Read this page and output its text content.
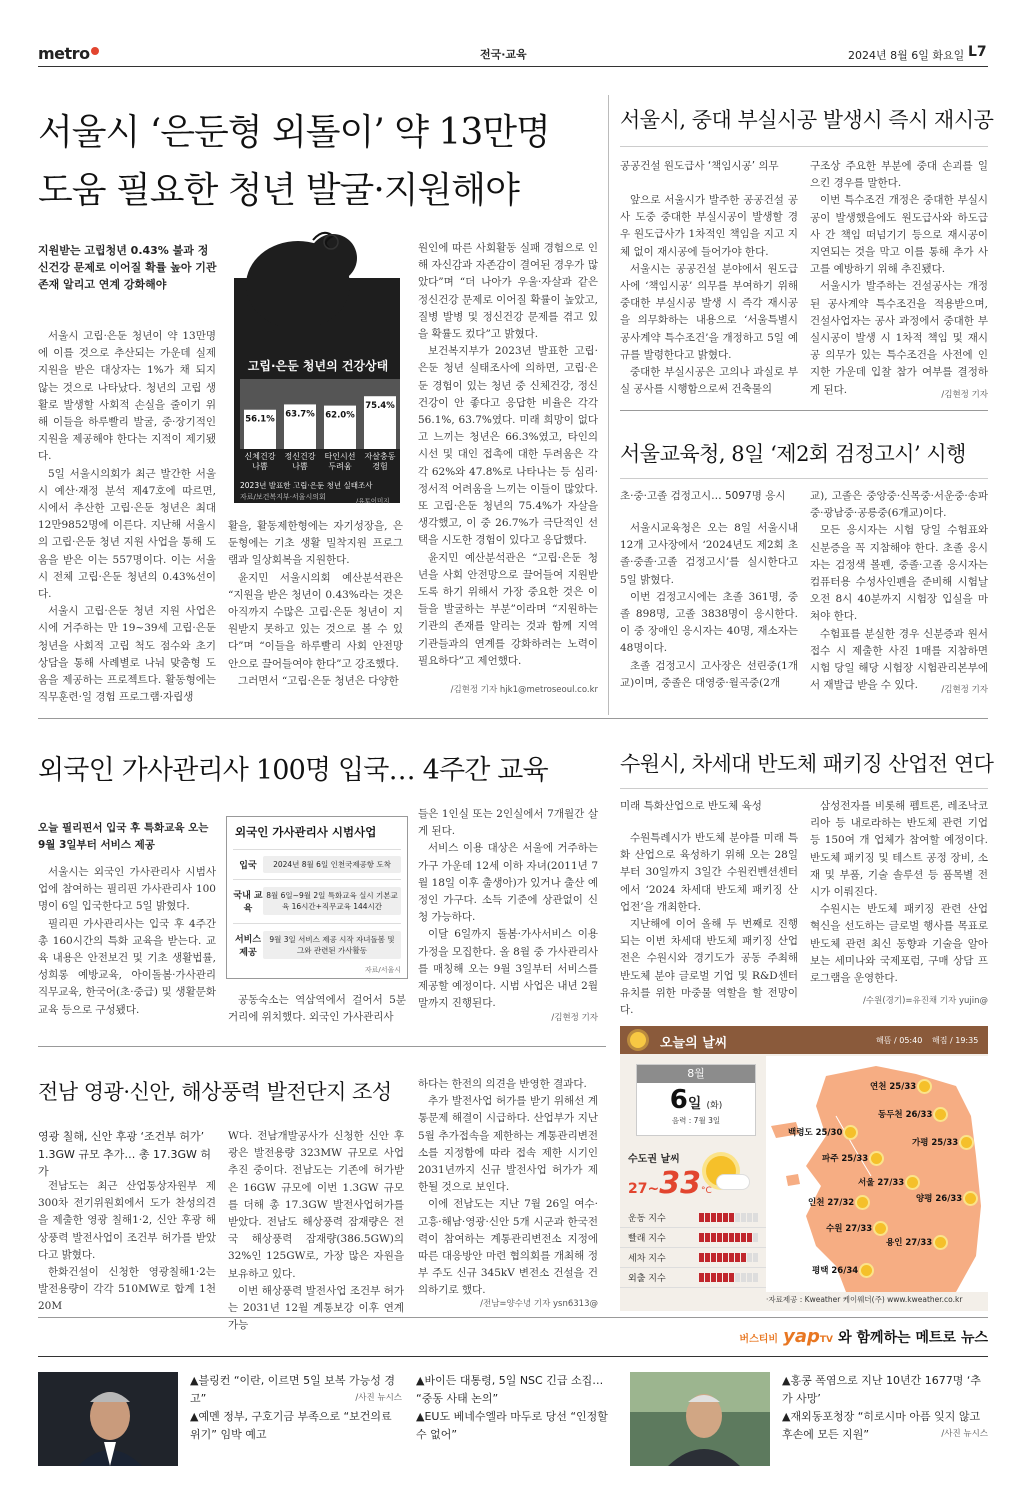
metro	전국·교육	2024년 8월 6일 화요일 L7
서울시 ‘은둔형 외톨이’ 약 13만명
도움 필요한 청년 발굴·지원해야
지원받는 고립청년 0.43% 불과 정신건강 문제로 이어질 확률 높아 기관 존재 알리고 연계 강화해야

서울시 고립·은둔 청년이 약 13만명에 이를 것으로 추산되는 가운데 실제 지원을 받은 대상자는 1%가 채 되지 않는 것으로 나타났다. 청년의 고립 생활로 발생할 사회적 손실을 줄이기 위해 이들을 하루빨리 발굴, 중·장기적인 지원을 제공해야 한다는 지적이 제기됐다.

5일 서울시의회가 최근 발간한 서울시 예산·재정 분석 제47호에 따르면, 시에서 추산한 고립·은둔 청년은 최대 12만9852명에 이른다. 지난해 서울시의 고립·은둔 청년 지원 사업을 통해 도움을 받은 이는 557명이다. 이는 서울시 전체 고립·은둔 청년의 0.43%선이다.

서울시 고립·은둔 청년 지원 사업은 시에 거주하는 만 19~39세 고립·은둔 청년을 사회적 고립 척도 점수와 초기 상담을 통해 사례별로 나눠 맞춤형 도움을 제공하는 프로젝트다. 활동형에는 직무훈련·일 경험 프로그램·자립생

고립·은둔 청년의 건강상태
56.1%
신체건강
나쁨
63.7%
정신건강
나쁨
62.0%
타인시선
두려움
75.4%
자살충동
경험
2023년 발표한 고립·은둔 청년 실태조사
자료/보건복지부·서울시의회	/유토이미지

활을, 활동제한형에는 자기성장을, 은둔형에는 기초 생활 밀착지원 프로그램과 일상회복을 지원한다.

윤지민 서울시의회 예산분석관은 “지원을 받은 청년이 0.43%라는 것은 아직까지 수많은 고립·은둔 청년이 지원받지 못하고 있는 것으로 볼 수 있다”며 “이들을 하루빨리 사회 안전망 안으로 끌어들여야 한다”고 강조했다.

그러면서 “고립·은둔 청년은 다양한

원인에 따른 사회활동 실패 경험으로 인해 자신감과 자존감이 결여된 경우가 많았다”며 “더 나아가 우울·자살과 같은 정신건강 문제로 이어질 확률이 높았고, 질병 발병 및 정신건강 문제를 겪고 있을 확률도 컸다”고 밝혔다.

보건복지부가 2023년 발표한 고립·은둔 청년 실태조사에 의하면, 고립·은둔 경험이 있는 청년 중 신체건강, 정신건강이 안 좋다고 응답한 비율은 각각 56.1%, 63.7%였다. 미래 희망이 없다고 느끼는 청년은 66.3%였고, 타인의 시선 및 대인 접촉에 대한 두려움은 각각 62%와 47.8%로 나타나는 등 심리·정서적 어려움을 느끼는 이들이 많았다. 또 고립·은둔 청년의 75.4%가 자살을 생각했고, 이 중 26.7%가 극단적인 선택을 시도한 경험이 있다고 응답했다.

윤지민 예산분석관은 “고립·은둔 청년을 사회 안전망으로 끌어들여 지원받도록 하기 위해서 가장 중요한 것은 이들을 발굴하는 부분”이라며 “지원하는 기관의 존재를 알리는 것과 함께 지역 기관들과의 연계를 강화하려는 노력이 필요하다”고 제언했다.

/김현정 기자 hjk1@metroseoul.co.kr
서울시, 중대 부실시공 발생시 즉시 재시공
공공건설 원도급사 ‘책임시공’ 의무

앞으로 서울시가 발주한 공공건설 공사 도중 중대한 부실시공이 발생할 경우 원도급사가 1차적인 책임을 지고 지체 없이 재시공에 들어가야 한다.

서울시는 공공건설 분야에서 원도급사에 ‘책임시공’ 의무를 부여하기 위해 중대한 부실시공 발생 시 즉각 재시공을 의무화하는 내용으로 ‘서울특별시 공사계약 특수조건’을 개정하고 5일 예규를 발령한다고 밝혔다.

중대한 부실시공은 고의나 과실로 부실 공사를 시행함으로써 건축물의

구조상 주요한 부분에 중대 손괴를 일으킨 경우를 말한다.

이번 특수조건 개정은 중대한 부실시공이 발생했을에도 원도급사와 하도급사 간 책임 떠넘기기 등으로 재시공이 지연되는 것을 막고 이를 통해 추가 사고를 예방하기 위해 추진됐다.

서울시가 발주하는 건설공사는 개정된 공사계약 특수조건을 적용받으며, 건설사업자는 공사 과정에서 중대한 부실시공이 발생 시 1차적 책임 및 재시공 의무가 있는 특수조건을 사전에 인지한 가운데 입찰 참가 여부를 결정하게 된다.	/김현정 기자
서울교육청, 8일 ‘제2회 검정고시’ 시행
초·중·고졸 검정고시… 5097명 응시

서울시교육청은 오는 8일 서울시내 12개 고사장에서 ‘2024년도 제2회 초졸·중졸·고졸 검정고시’를 실시한다고 5일 밝혔다.

이번 검정고시에는 초졸 361명, 중졸 898명, 고졸 3838명이 응시한다. 이 중 장애인 응시자는 40명, 재소자는 48명이다.

초졸 검정고시 고사장은 선린중(1개교)이며, 중졸은 대영중·월곡중(2개

교), 고졸은 중앙중·신목중·서운중·송파중·광남중·공릉중(6개교)이다.

모든 응시자는 시험 당일 수험표와 신분증을 꼭 지참해야 한다. 초졸 응시자는 검정색 볼펜, 중졸·고졸 응시자는 컴퓨터용 수성사인펜을 준비해 시험날 오전 8시 40분까지 시험장 입실을 마쳐야 한다.

수험표를 분실한 경우 신분증과 원서접수 시 제출한 사진 1매를 지참하면 시험 당일 해당 시험장 시험관리본부에서 재발급 받을 수 있다.	/김현정 기자
외국인 가사관리사 100명 입국… 4주간 교육
오늘 필리핀서 입국 후 특화교육 오는 9월 3일부터 서비스 제공

서울시는 외국인 가사관리사 시범사업에 참여하는 필리핀 가사관리사 100명이 6일 입국한다고 5일 밝혔다.

필리핀 가사관리사는 입국 후 4주간 총 160시간의 특화 교육을 받는다. 교육 내용은 안전보건 및 기초 생활법률, 성희롱 예방교육, 아이돌봄·가사관리 직무교육, 한국어(초·중급) 및 생활문화교육 등으로 구성됐다.

외국인 가사관리사 시범사업
입국	2024년 8월 6일 인천국제공항 도착
국내 교육
8월 6일~9월 2일 특화교육 실시 기본교육 16시간+직무교육 144시간
서비스 제공
9월 3일 서비스 제공 시작 자녀돌봄 및 그와 관련된 가사활동
자료/서울시

공동숙소는 역삼역에서 걸어서 5분 거리에 위치했다. 외국인 가사관리사

들은 1인실 또는 2인실에서 7개월간 살게 된다.

서비스 이용 대상은 서울에 거주하는 가구 가운데 12세 이하 자녀(2011년 7월 18일 이후 출생아)가 있거나 출산 예정인 가구다. 소득 기준에 상관없이 신청 가능하다.

이달 6일까지 돌봄·가사서비스 이용 가정을 모집한다. 올 8월 중 가사관리사를 매칭해 오는 9월 3일부터 서비스를 제공할 예정이다. 시범 사업은 내년 2월 말까지 진행된다.

/김현정 기자
수원시, 차세대 반도체 패키징 산업전 연다
미래 특화산업으로 반도체 육성

수원특례시가 반도체 분야를 미래 특화 산업으로 육성하기 위해 오는 28일부터 30일까지 3일간 수원컨벤션센터에서 ‘2024 차세대 반도체 패키징 산업전’을 개최한다.

지난해에 이어 올해 두 번째로 진행되는 이번 차세대 반도체 패키징 산업전은 수원시와 경기도가 공동 주최해 반도체 분야 글로벌 기업 및 R&D센터 유치를 위한 마중물 역할을 할 전망이다.

삼성전자를 비롯해 펨트론, 레조낙코리아 등 내로라하는 반도체 관련 기업 등 150여 개 업체가 참여할 예정이다. 반도체 패키징 및 테스트 공정 장비, 소재 및 부품, 기술 솔루션 등 품목별 전시가 이뤄진다.

수원시는 반도체 패키징 관련 산업 혁신을 선도하는 글로벌 행사를 목표로 반도체 관련 최신 동향과 기술을 알아보는 세미나와 국제포럼, 구매 상담 프로그램을 운영한다.

/수원(경기)=유진채 기자 yujin@
오늘의 날씨	해뜸 / 05:40 해짐 / 19:35
8월
6일 (화)
음력 : 7월 3일
수도권 날씨
27~33°C
운동 지수
빨래 지수
세차 지수
외출 지수
연천 25/33
동두천 26/33
백령도 25/30
가평 25/33
파주 25/33
서울 27/33
양평 26/33
인천 27/32
수원 27/33
용인 27/33
평택 26/34
·자료제공 : Kweather 케이웨더(주) www.kweather.co.kr
전남 영광·신안, 해상풍력 발전단지 조성
영광 칠해, 신안 후광 ‘조건부 허가’
1.3GW 규모 추가… 총 17.3GW 허가

전남도는 최근 산업통상자원부 제300차 전기위원회에서 도가 찬성의견을 제출한 영광 칠해1·2, 신안 후광 해상풍력 발전사업이 조건부 허가를 받았다고 밝혔다.

한화건설이 신청한 영광칠해1·2는 발전용량이 각각 510MW로 합계 1천20M

W다. 전남개발공사가 신청한 신안 후광은 발전용량 323MW 규모로 사업 추진 중이다. 전남도는 기존에 허가받은 16GW 규모에 이번 1.3GW 규모를 더해 총 17.3GW 발전사업허가를 받았다. 전남도 해상풍력 잠재량은 전국 해상풍력 잠재량(386.5GW)의 32%인 125GW로, 가장 많은 자원을 보유하고 있다.

이번 해상풍력 발전사업 조건부 허가는 2031년 12월 계통보강 이후 연계 가능

하다는 한전의 의견을 반영한 결과다.

추가 발전사업 허가를 받기 위해선 계통문제 해결이 시급하다. 산업부가 지난 5월 추가접속을 제한하는 계통관리변전소를 지정함에 따라 접속 제한 시기인 2031년까지 신규 발전사업 허가가 제한될 것으로 보인다.

이에 전남도는 지난 7월 26일 여수·고흥·해남·영광·신안 5개 시군과 한국전력이 참여하는 계통관리변전소 지정에 따른 대응방안 마련 협의회를 개최해 정부 주도 신규 345kV 변전소 건설을 건의하기로 했다.

/전남=양수녕 기자 ysn6313@
버스티비 yapTV 와 함께하는 메트로 뉴스
▲블링컨 “이란, 이르면 5일 보복 가능성 경고”
▲예멘 정부, 구호기금 부족으로 “보건의료 위기” 임박 예고
/사진 뉴시스
▲바이든 대통령, 5일 NSC 긴급 소집… “중동 사태 논의”
▲EU도 베네수엘라 마두로 당선 “인정할 수 없어”
▲홍콩 폭염으로 지난 10년간 1677명 ‘추가 사망’
▲재외동포청장 “히로시마 아픔 잊지 않고 후손에 모든 지원”	/사진 뉴시스
